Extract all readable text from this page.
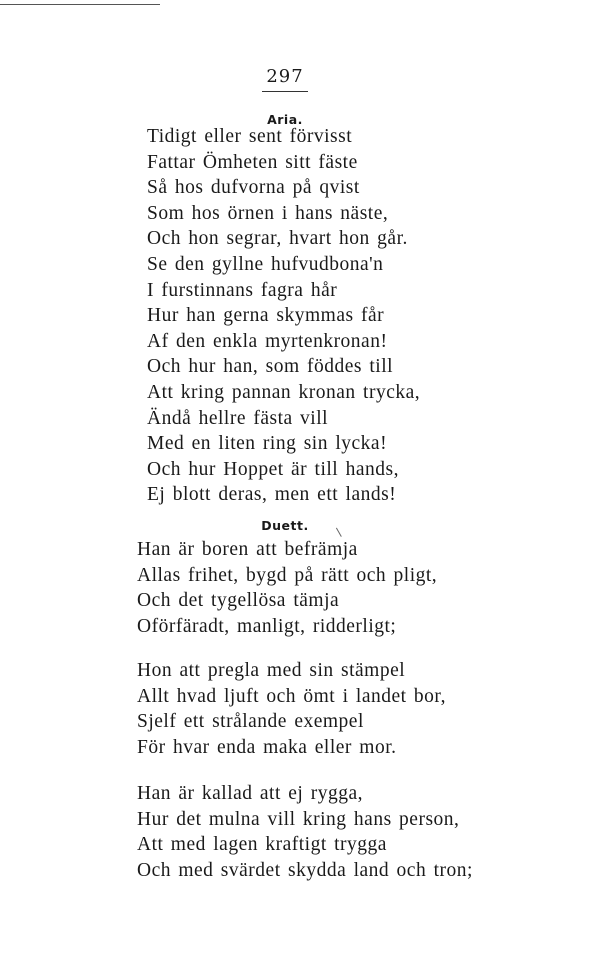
297
Aria.
Tidigt eller sent förvisst
Fattar Ömheten sitt fäste
Så hos dufvorna på qvist
Som hos örnen i hans näste,
Och hon segrar, hvart hon går.
Se den gyllne hufvudbona'n
I furstinnans fagra hår
Hur han gerna skymmas får
Af den enkla myrtenkronan!
Och hur han, som föddes till
Att kring pannan kronan trycka,
Ändå hellre fästa vill
Med en liten ring sin lycka!
Och hur Hoppet är till hands,
Ej blott deras, men ett lands!
Duett.
Han är boren att befrämja
Allas frihet, bygd på rätt och pligt,
Och det tygellösa tämja
Oförfäradt, manligt, ridderligt;
Hon att pregla med sin stämpel
Allt hvad ljuft och ömt i landet bor,
Sjelf ett strålande exempel
För hvar enda maka eller mor.
Han är kallad att ej rygga,
Hur det mulna vill kring hans person,
Att med lagen kraftigt trygga
Och med svärdet skydda land och tron;
